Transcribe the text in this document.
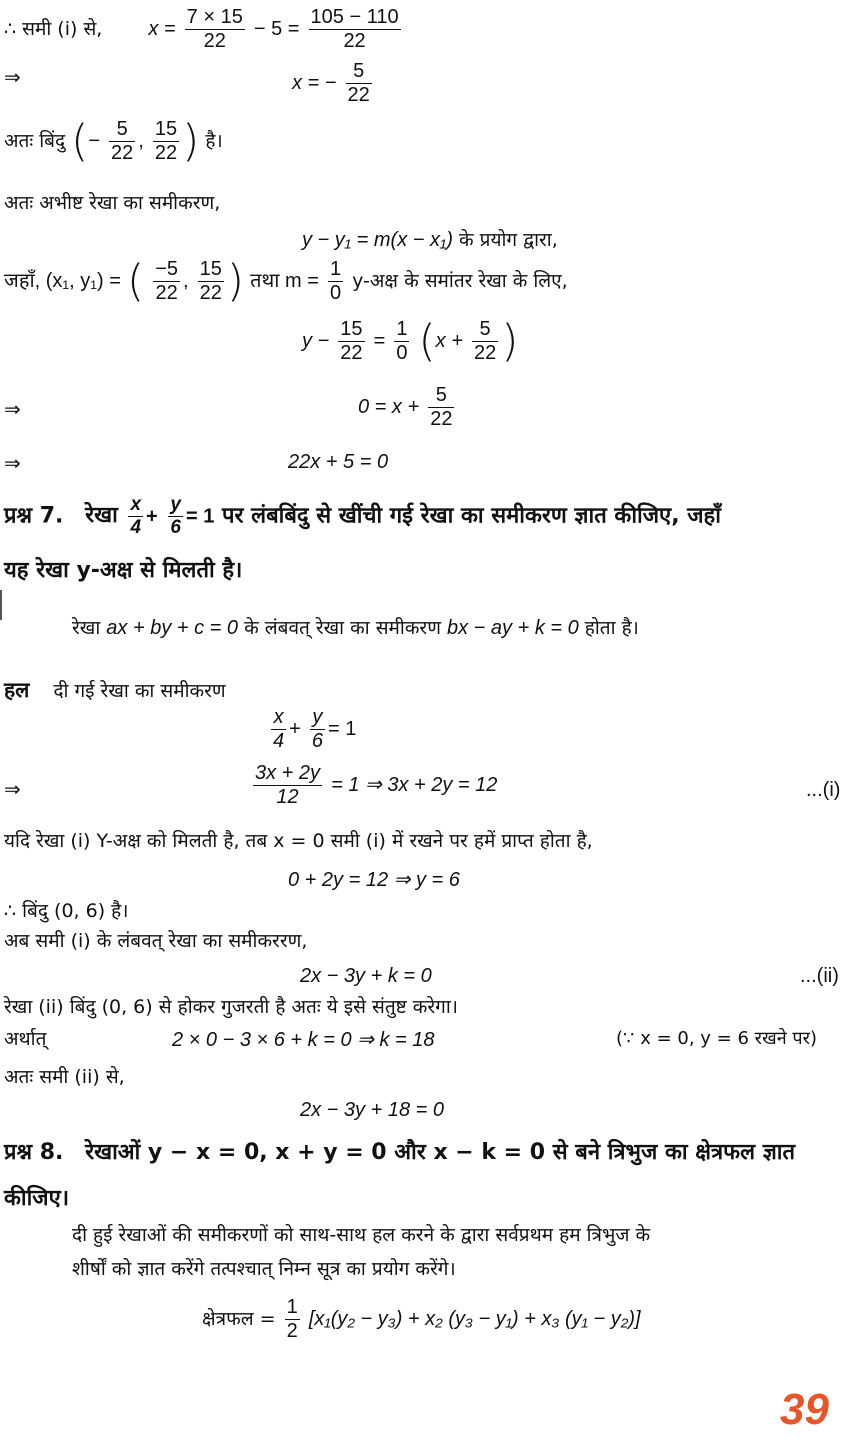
∴ समी (i) से, $x = \frac{7 \times 15}{22} - 5 = \frac{105 - 110}{22}$
⇒	x = − $\frac{5}{22}$
अतः बिंदु (− $\frac{5}{22}$ , $\frac{15}{22}$ ) है।
अतः अभीष्ट रेखा का समीकरण,
y − y₁ = m(x − x₁) के प्रयोग द्वारा,
जहाँ, (x₁, y₁) = ( $\frac{-5}{22}$ , $\frac{15}{22}$ ) तथा $m = \frac{1}{0}$ y-अक्ष के समांतर रेखा के लिए,
$y - \frac{15}{22} = \frac{1}{0} (x + \frac{5}{22}$ )
⇒	$0 = x + \frac{5}{22}$
⇒	22x + 5 = 0
प्रश्न 7. रेखा $\frac{x}{4} + \frac{y}{6} = 1$ पर लंबबिंदु से खींची गई रेखा का समीकरण ज्ञात कीजिए, जहाँ
यह रेखा y-अक्ष से मिलती है।
रेखा ax + by + c = 0 के लंबवत् रेखा का समीकरण bx − ay + k = 0 होता है।
हल दी गई रेखा का समीकरण
$\frac{x}{4} + \frac{y}{6} = 1$
⇒	$\frac{3x + 2y}{12} = 1$ ⇒ 3x + 2y = 12	...(i)
यदि रेखा (i) Y-अक्ष को मिलती है, तब x = 0 समी (i) में रखने पर हमें प्राप्त होता है,
0 + 2y = 12 ⇒ y = 6
∴ बिंदु (0, 6) है।
अब समी (i) के लंबवत् रेखा का समीकररण,
2x − 3y + k = 0	...(ii)
रेखा (ii) बिंदु (0, 6) से होकर गुजरती है अतः ये इसे संतुष्ट करेगा।
अर्थात्	2 × 0 − 3 × 6 + k = 0 ⇒ k = 18	(∵ x = 0, y = 6 रखने पर)
अतः समी (ii) से,
2x − 3y + 18 = 0
प्रश्न 8. रेखाओं y − x = 0, x + y = 0 और x − k = 0 से बने त्रिभुज का क्षेत्रफल ज्ञात
कीजिए।
दी हुई रेखाओं की समीकरणों को साथ-साथ हल करने के द्वारा सर्वप्रथम हम त्रिभुज के
शीर्षों को ज्ञात करेंगे तत्पश्चात् निम्न सूत्र का प्रयोग करेंगे।
क्षेत्रफल = $\frac{1}{2} [x_1(y_2 - y_3) + x_2$ (y₃ − y₁) + x₃ (y₁ − y₂)]
39
